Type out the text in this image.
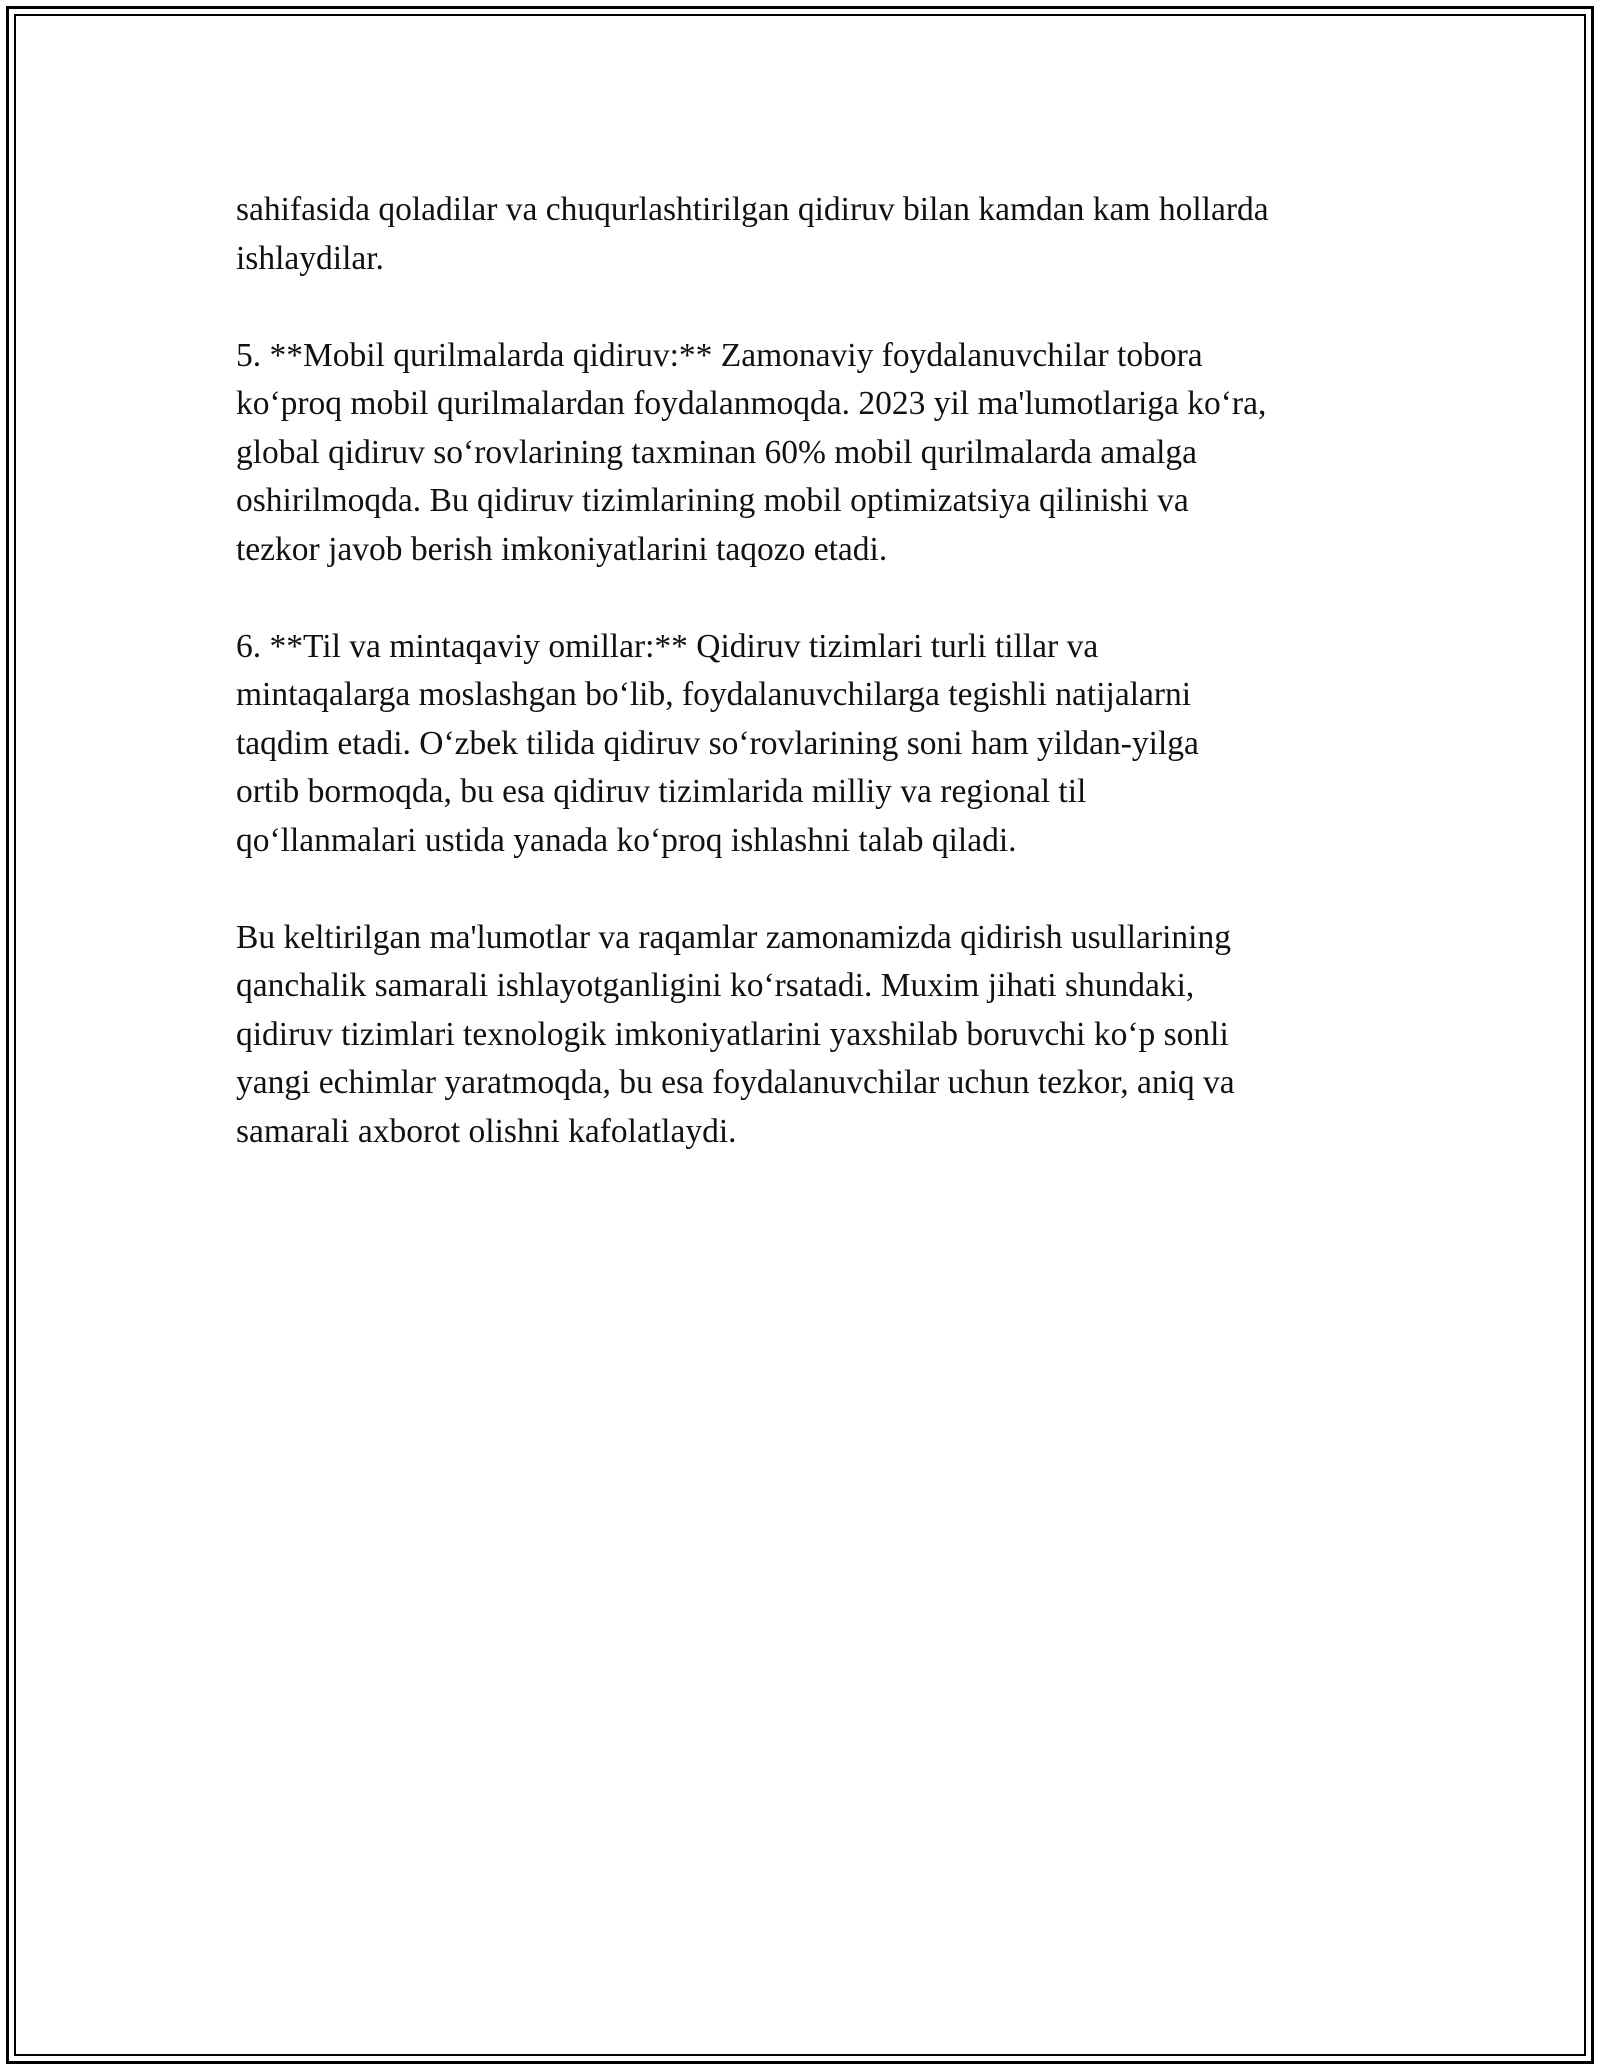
sahifasida qoladilar va chuqurlashtirilgan qidiruv bilan kamdan kam hollarda
ishlaydilar.

5. **Mobil qurilmalarda qidiruv:** Zamonaviy foydalanuvchilar tobora
ko‘proq mobil qurilmalardan foydalanmoqda. 2023 yil ma'lumotlariga ko‘ra,
global qidiruv so‘rovlarining taxminan 60% mobil qurilmalarda amalga
oshirilmoqda. Bu qidiruv tizimlarining mobil optimizatsiya qilinishi va
tezkor javob berish imkoniyatlarini taqozo etadi.

6. **Til va mintaqaviy omillar:** Qidiruv tizimlari turli tillar va
mintaqalarga moslashgan bo‘lib, foydalanuvchilarga tegishli natijalarni
taqdim etadi. O‘zbek tilida qidiruv so‘rovlarining soni ham yildan-yilga
ortib bormoqda, bu esa qidiruv tizimlarida milliy va regional til
qo‘llanmalari ustida yanada ko‘proq ishlashni talab qiladi.

Bu keltirilgan ma'lumotlar va raqamlar zamonamizda qidirish usullarining
qanchalik samarali ishlayotganligini ko‘rsatadi. Muxim jihati shundaki,
qidiruv tizimlari texnologik imkoniyatlarini yaxshilab boruvchi ko‘p sonli
yangi echimlar yaratmoqda, bu esa foydalanuvchilar uchun tezkor, aniq va
samarali axborot olishni kafolatlaydi.
